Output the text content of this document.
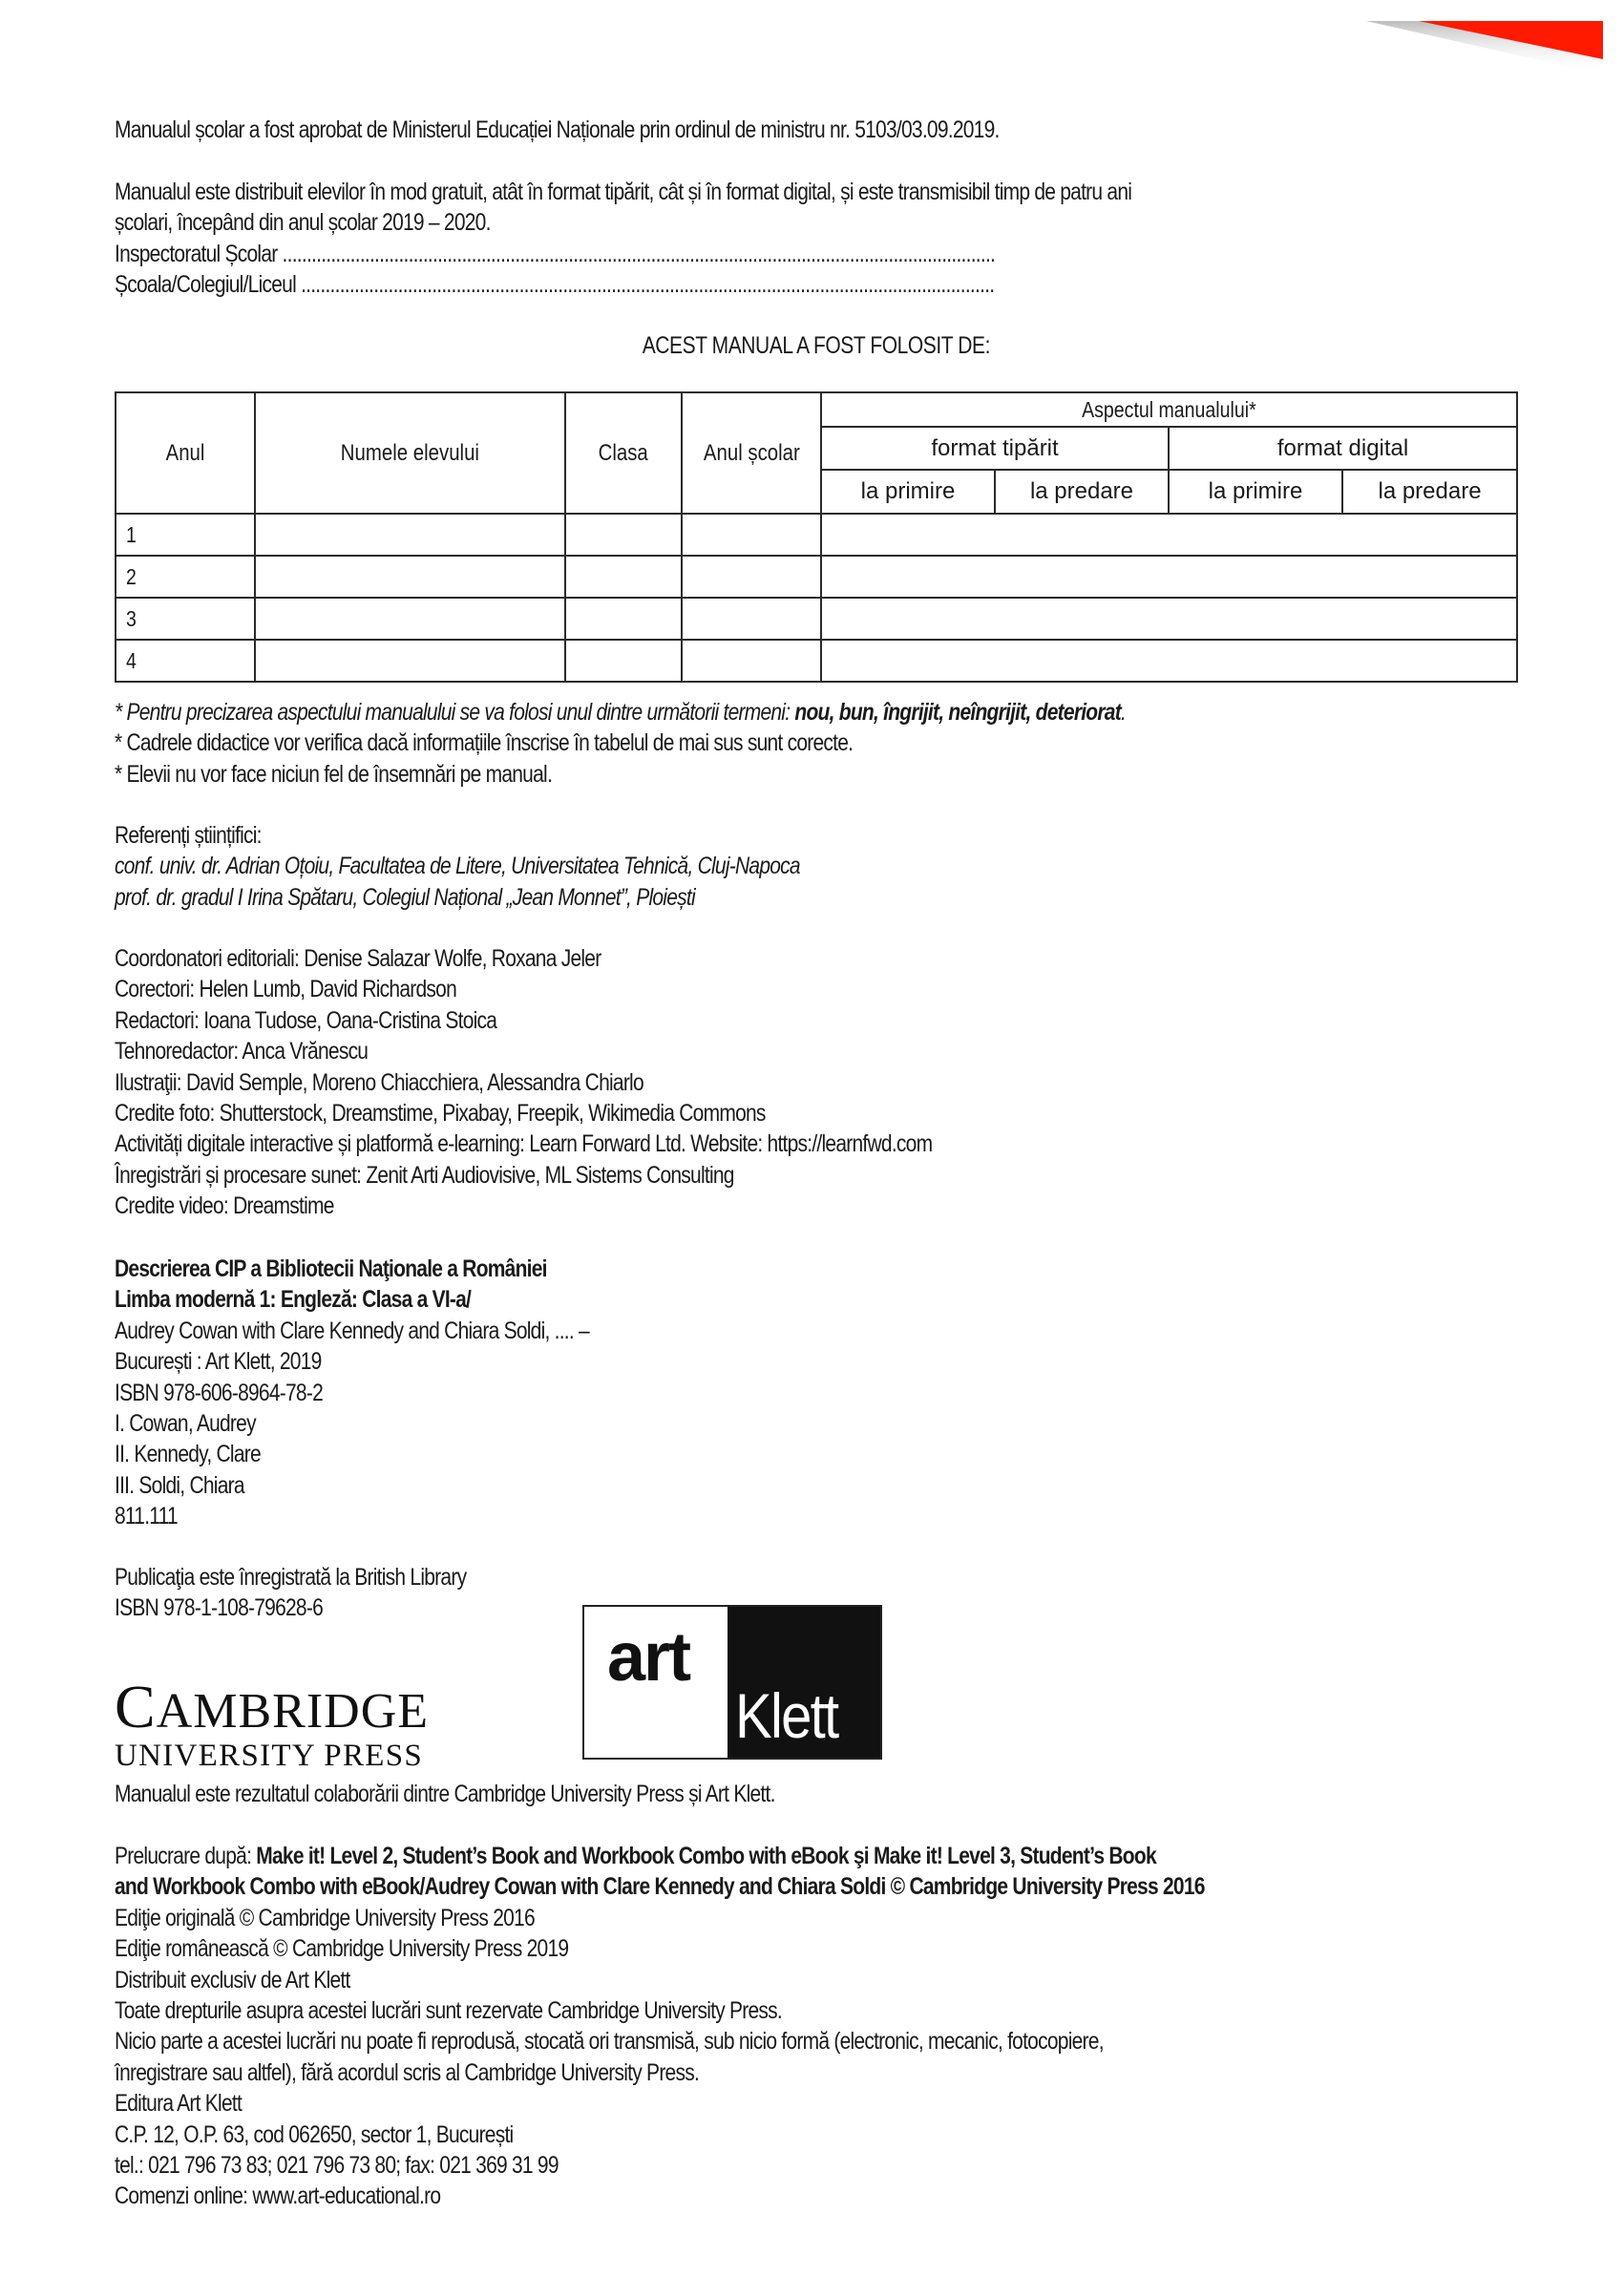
Manualul școlar a fost aprobat de Ministerul Educației Naționale prin ordinul de ministru nr. 5103/03.09.2019.
Manualul este distribuit elevilor în mod gratuit, atât în format tipărit, cât și în format digital, și este transmisibil timp de patru ani
școlari, începând din anul școlar 2019 – 2020.
Inspectoratul Școlar ...................................................................................................................................................
Școala/Colegiul/Liceul ...............................................................................................................................................
ACEST MANUAL A FOST FOLOSIT DE:
Anul	Numele elevului	Clasa	Anul școlar	Aspectul manualului*			
				format tipărit		format digital	
				la primire	la predare	la primire	la predare
1							
2							
3							
4							
* Pentru precizarea aspectului manualului se va folosi unul dintre următorii termeni: nou, bun, îngrijit, neîngrijit, deteriorat.
* Cadrele didactice vor verifica dacă informațiile înscrise în tabelul de mai sus sunt corecte.
* Elevii nu vor face niciun fel de însemnări pe manual.
Referenți științifici:
conf. univ. dr. Adrian Oțoiu, Facultatea de Litere, Universitatea Tehnică, Cluj-Napoca
prof. dr. gradul I Irina Spătaru, Colegiul Național „Jean Monnet”, Ploiești
Coordonatori editoriali: Denise Salazar Wolfe, Roxana Jeler
Corectori: Helen Lumb, David Richardson
Redactori: Ioana Tudose, Oana-Cristina Stoica
Tehnoredactor: Anca Vrănescu
Ilustraţii: David Semple, Moreno Chiacchiera, Alessandra Chiarlo
Credite foto: Shutterstock, Dreamstime, Pixabay, Freepik, Wikimedia Commons
Activități digitale interactive și platformă e-learning: Learn Forward Ltd. Website: https://learnfwd.com
Înregistrări și procesare sunet: Zenit Arti Audiovisive, ML Sistems Consulting
Credite video: Dreamstime
Descrierea CIP a Bibliotecii Naţionale a României
Limba modernă 1: Engleză: Clasa a VI-a/
Audrey Cowan with Clare Kennedy and Chiara Soldi, .... –
București : Art Klett, 2019
ISBN 978-606-8964-78-2
I. Cowan, Audrey
II. Kennedy, Clare
III. Soldi, Chiara
811.111
Publicaţia este înregistrată la British Library
ISBN 978-1-108-79628-6
CAMBRIDGE
UNIVERSITY PRESS
art
Klett
Manualul este rezultatul colaborării dintre Cambridge University Press și Art Klett.
Prelucrare după: Make it! Level 2, Student’s Book and Workbook Combo with eBook şi Make it! Level 3, Student’s Book
and Workbook Combo with eBook/Audrey Cowan with Clare Kennedy and Chiara Soldi © Cambridge University Press 2016
Ediţie originală © Cambridge University Press 2016
Ediţie românească © Cambridge University Press 2019
Distribuit exclusiv de Art Klett
Toate drepturile asupra acestei lucrări sunt rezervate Cambridge University Press.
Nicio parte a acestei lucrări nu poate fi reprodusă, stocată ori transmisă, sub nicio formă (electronic, mecanic, fotocopiere,
înregistrare sau altfel), fără acordul scris al Cambridge University Press.
Editura Art Klett
C.P. 12, O.P. 63, cod 062650, sector 1, București
tel.: 021 796 73 83; 021 796 73 80; fax: 021 369 31 99
Comenzi online: www.art-educational.ro
